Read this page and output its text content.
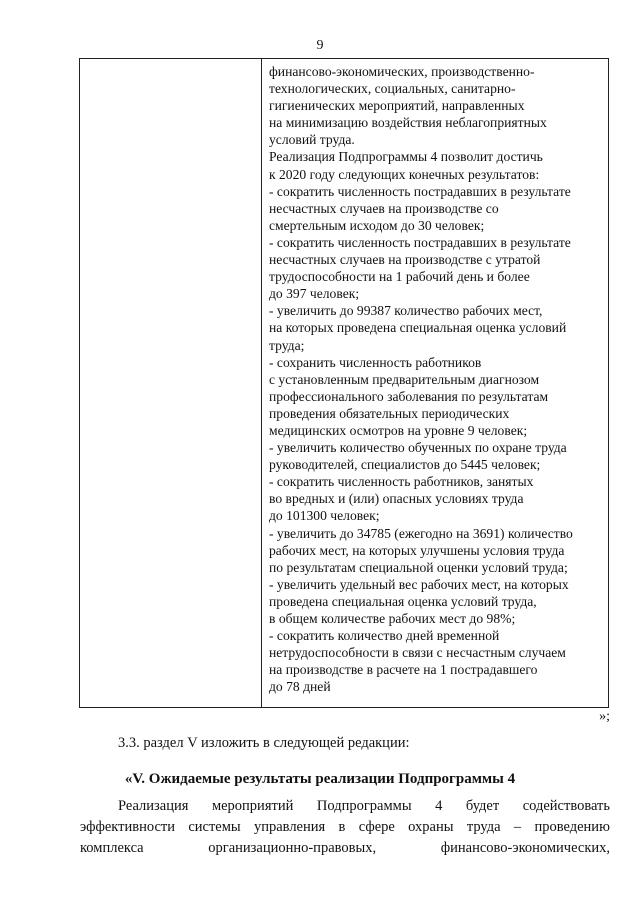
9
финансово-экономических, производственно-
технологических, социальных, санитарно-
гигиенических мероприятий, направленных
на минимизацию воздействия неблагоприятных
условий труда.
Реализация Подпрограммы 4 позволит достичь
к 2020 году следующих конечных результатов:
- сократить численность пострадавших в результате
несчастных случаев на производстве со
смертельным исходом до 30 человек;
- сократить численность пострадавших в результате
несчастных случаев на производстве с утратой
трудоспособности на 1 рабочий день и более
до 397 человек;
- увеличить до 99387 количество рабочих мест,
на которых проведена специальная оценка условий
труда;
- сохранить численность работников
с установленным предварительным диагнозом
профессионального заболевания по результатам
проведения обязательных периодических
медицинских осмотров на уровне 9 человек;
- увеличить количество обученных по охране труда
руководителей, специалистов до 5445 человек;
- сократить численность работников, занятых
во вредных и (или) опасных условиях труда
до 101300 человек;
- увеличить до 34785 (ежегодно на 3691) количество
рабочих мест, на которых улучшены условия труда
по результатам специальной оценки условий труда;
- увеличить удельный вес рабочих мест, на которых
проведена специальная оценка условий труда,
в общем количестве рабочих мест до 98%;
- сократить количество дней временной
нетрудоспособности в связи с несчастным случаем
на производстве в расчете на 1 пострадавшего
до 78 дней
»;
3.3. раздел V изложить в следующей редакции:
«V. Ожидаемые результаты реализации Подпрограммы 4
Реализация мероприятий Подпрограммы 4 будет содействовать
эффективности системы управления в сфере охраны труда – проведению
комплекса	организационно-правовых,	финансово-экономических,
